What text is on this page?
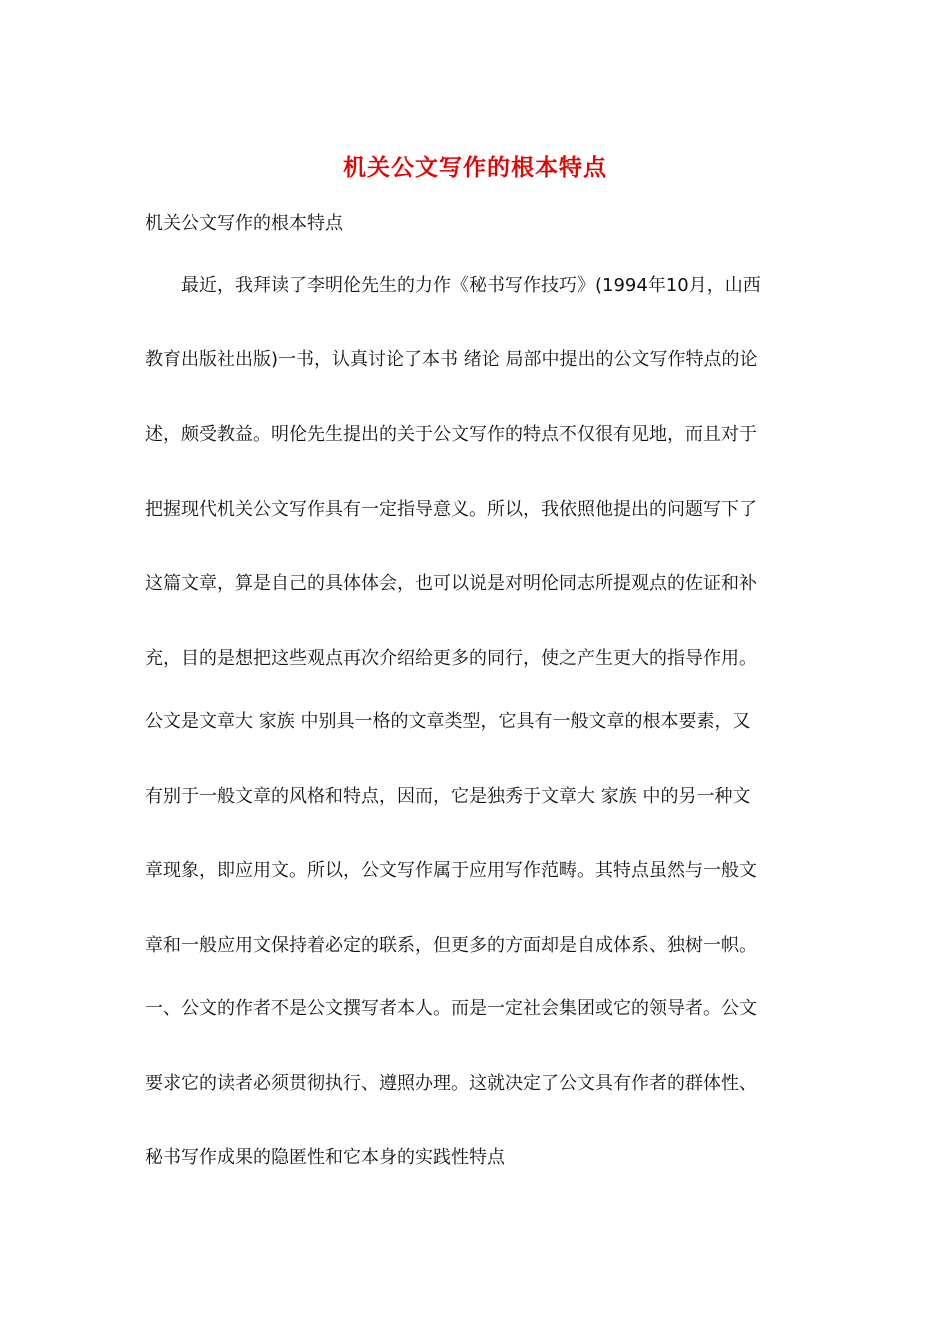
机关公文写作的根本特点

机关公文写作的根本特点

　　最近，我拜读了李明伦先生的力作《秘书写作技巧》(1994年10月，山西

教育出版社出版)一书，认真讨论了本书 绪论 局部中提出的公文写作特点的论

述，颇受教益。明伦先生提出的关于公文写作的特点不仅很有见地，而且对于

把握现代机关公文写作具有一定指导意义。所以，我依照他提出的问题写下了

这篇文章，算是自己的具体体会，也可以说是对明伦同志所提观点的佐证和补

充，目的是想把这些观点再次介绍给更多的同行，使之产生更大的指导作用。

公文是文章大 家族 中别具一格的文章类型，它具有一般文章的根本要素，又

有别于一般文章的风格和特点，因而，它是独秀于文章大 家族 中的另一种文

章现象，即应用文。所以，公文写作属于应用写作范畴。其特点虽然与一般文

章和一般应用文保持着必定的联系，但更多的方面却是自成体系、独树一帜。

一、公文的作者不是公文撰写者本人。而是一定社会集团或它的领导者。公文

要求它的读者必须贯彻执行、遵照办理。这就决定了公文具有作者的群体性、

秘书写作成果的隐匿性和它本身的实践性特点
